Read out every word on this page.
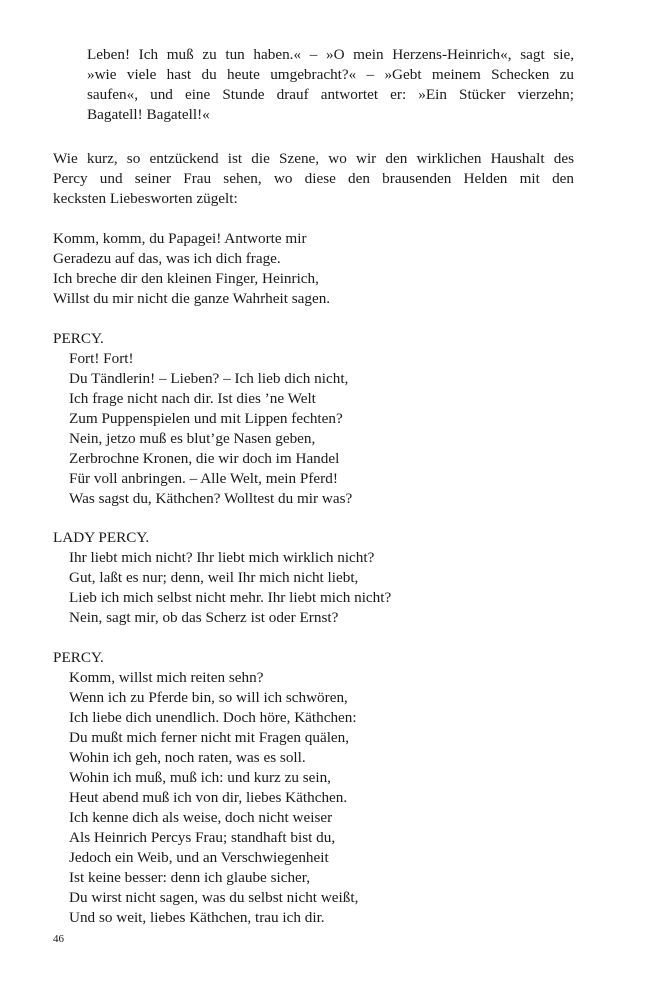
Leben! Ich muß zu tun haben.« – »O mein Herzens-Heinrich«, sagt sie,
»wie viele hast du heute umgebracht?« – »Gebt meinem Schecken zu
saufen«, und eine Stunde drauf antwortet er: »Ein Stücker vierzehn;
Bagatell! Bagatell!«
Wie kurz, so entzückend ist die Szene, wo wir den wirklichen Haushalt des
Percy und seiner Frau sehen, wo diese den brausenden Helden mit den
kecksten Liebesworten zügelt:
Komm, komm, du Papagei! Antworte mir
Geradezu auf das, was ich dich frage.
Ich breche dir den kleinen Finger, Heinrich,
Willst du mir nicht die ganze Wahrheit sagen.
PERCY.
Fort! Fort!
Du Tändlerin! – Lieben? – Ich lieb dich nicht,
Ich frage nicht nach dir. Ist dies ’ne Welt
Zum Puppenspielen und mit Lippen fechten?
Nein, jetzo muß es blut’ge Nasen geben,
Zerbrochne Kronen, die wir doch im Handel
Für voll anbringen. – Alle Welt, mein Pferd!
Was sagst du, Käthchen? Wolltest du mir was?
LADY PERCY.
Ihr liebt mich nicht? Ihr liebt mich wirklich nicht?
Gut, laßt es nur; denn, weil Ihr mich nicht liebt,
Lieb ich mich selbst nicht mehr. Ihr liebt mich nicht?
Nein, sagt mir, ob das Scherz ist oder Ernst?
PERCY.
Komm, willst mich reiten sehn?
Wenn ich zu Pferde bin, so will ich schwören,
Ich liebe dich unendlich. Doch höre, Käthchen:
Du mußt mich ferner nicht mit Fragen quälen,
Wohin ich geh, noch raten, was es soll.
Wohin ich muß, muß ich: und kurz zu sein,
Heut abend muß ich von dir, liebes Käthchen.
Ich kenne dich als weise, doch nicht weiser
Als Heinrich Percys Frau; standhaft bist du,
Jedoch ein Weib, und an Verschwiegenheit
Ist keine besser: denn ich glaube sicher,
Du wirst nicht sagen, was du selbst nicht weißt,
Und so weit, liebes Käthchen, trau ich dir.
46
